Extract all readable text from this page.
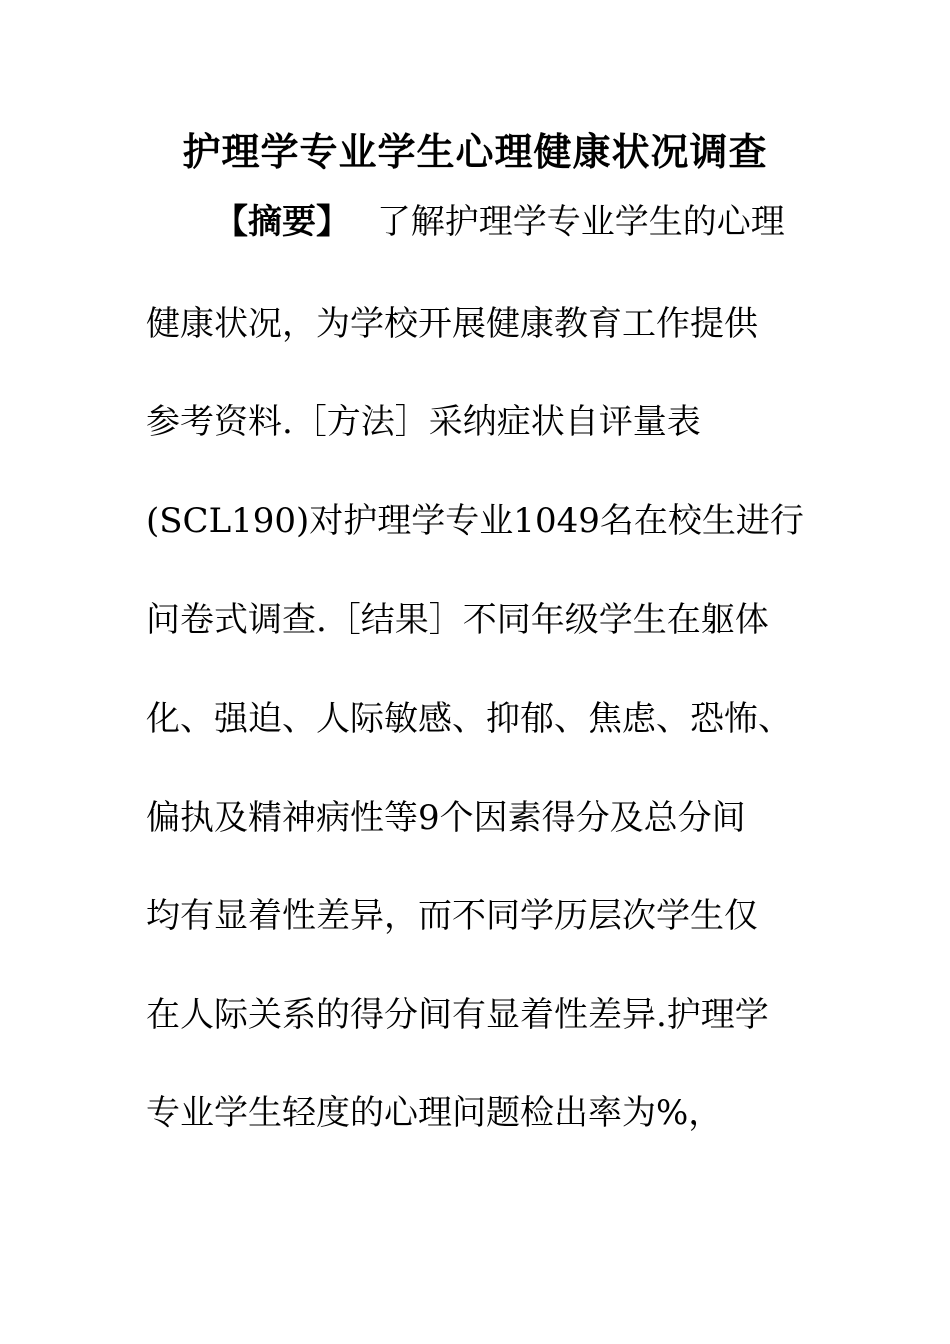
护理学专业学生心理健康状况调查

【摘要】 了解护理学专业学生的心理

健康状况，为学校开展健康教育工作提供

参考资料.［方法］采纳症状自评量表

(SCL190)对护理学专业1049名在校生进行

问卷式调查.［结果］不同年级学生在躯体

化、强迫、人际敏感、抑郁、焦虑、恐怖、

偏执及精神病性等9个因素得分及总分间

均有显着性差异，而不同学历层次学生仅

在人际关系的得分间有显着性差异.护理学

专业学生轻度的心理问题检出率为%，
